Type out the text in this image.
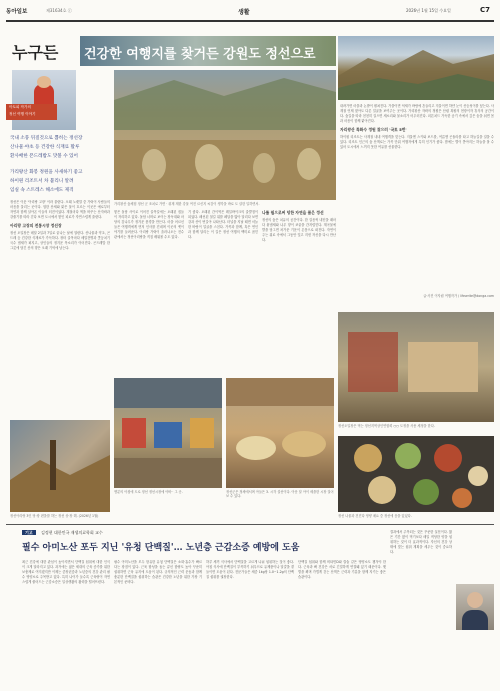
동아일보	제31634호 ⓒ	생활	2026년 1월 15일 수요일	C7
누구든	건강한 여행지를 찾거든 강원도 정선으로
아토피 작가의
정선 여행 이야기
국내 소풍 뒤질것으로 뽑히는 정선장
산나물·야초 등 건강한 식재료 활루
환사배한 폰드레밥도 맛볼 수 있어
가리왕산 화봉 정원을 사새하기 좋고
하이원 리조트서 차 불리니 알려
임실 속 스트레스 해소에도 제격
정선은 이웃 '아리랑 고장' 이라 불린다. 오래 노랫말 중 가락이 사람들의 마음을 울리는 곳이다. 험한 산세와 맑은 물이 흐르는 이곳은 예로부터 자연과 함께 살아온 이들의 터전이었다. 계절마다 색을 바꾸는 산자락과 강줄기를 따라 걷다 보면 도시에서 쌓인 피로가 자연스럽게 풀린다.
아리랑 고장의 전통시장 정선장
정선 오일장은 매달 2일과 7일로 끝나는 날에 열린다. 산나물과 약초, 곤드레 등 건강한 식재료가 가득하다. 장터 골목마다 메밀전병과 콧등치기국수 냄새가 퍼지고, 상인들의 정겨운 목소리가 이어진다. 곤드레밥 한 그릇에 담긴 산의 향은 오래 기억에 남는다.
가리왕산 숲체험 정선 군 조치로 가면 · 취재 재한 강물 여전 르신지 씨감이 생각을 바로 도 살한 일하면서.
내려가면 마을과 논밭이 펼쳐진다. 가을이면 억새가 바람에 흔들리고 겨울이면 하얀 눈이 산등성이를 덮는다. 사계절 언제 찾아도 다른 얼굴을 보여주는 곳이다. 가리왕산 자락의 정원은 산림 복원의 현장이자 휴식의 공간이다. 숲길을 따라 천천히 걸으면 새소리와 물소리가 어우러진다. 피톤치드 가득한 공기 속에서 깊은 숨을 쉬면 몸과 마음이 함께 맑아진다.
자리왕산 특화수 정원 찾으러 '국토 5번'
하이원 리조트는 사계절 내내 여행객을 맞는다. 겨울엔 스키와 보드를, 여름엔 곤돌라를 타고 하늘길을 걸을 수 있다. 리조트 인근의 숲 산책로는 가족 단위 여행자에게 특히 인기가 좋다. 밤에는 별이 쏟아지는 하늘을 볼 수 있어 도시에서 느끼지 못한 여유를 선물한다.
글·사진 이자림 여행작가 / lifewrite@donga.com
쌓은 돌담 사이로 이어진 골목길에는 오래된 집들이 자리하고 있다. 돌담 너머로 보이는 장독대와 마당의 감나무가 정겨운 풍경을 만든다. 마을 어르신들은 여행객에게 먼저 인사를 건네며 이곳의 옛이야기를 들려준다. 아리랑 가락이 흘러나오는 전수관에서는 정선아리랑을 직접 배워볼 수도 있다.
기 좋다. 오래된 간이역은 레일바이크의 출발점이 되었다. 폐선된 철길 위를 페달을 밟아 달리다 보면 강과 산이 번갈아 나타난다. 터널을 지날 때면 서늘한 바람이 얼굴을 스친다. 가족과 함께, 혹은 연인과 함께 달리는 이 길은 정선 여행의 백미로 꼽힌다.
나를 필으로써 덩한 자연을 품은 정선
정선의 숲은 치유의 공간이다. 한 걸음씩 내딛을 때마다 흙냄새와 나무 향이 코끝을 간지럽힌다. 계곡물에 발을 담그면 차가운 기운이 온몸으로 퍼진다. 자연이 주는 위로 속에서 그동안 잊고 지낸 자신을 다시 만난다.
정선아리랑 3인 당·장 편을를 하는 정선 상·장 해. (2026년 1월)
엔분의 아침에 도로 정선 정선시장에 아바 · 그 곳.	정선군은 정체에서며 아들은 3. 시각 설선이다. 아문 달 아이 세을한 시장 걸어보 수 있다.
정선오일장은 먹는 정선지역상인연합회 ○○ 도정을 사용 세정을 한다.
정선 나물과 건진다 영양 매요 중 정선에 음을 있었다.
기고 김정현 대한민국 재생의료학회 교수
필수 아미노산 포두 지닌 '유청 단백질'… 노년층 근감소증 예방에 도움
최근 건강에 대한 관심이 높아지면서 단백질 섭취에 대한 인식이 크게 달라지고 있다. 과거에는 젊은 세대의 근육 증가를 위한 보충제로 여겨졌지만 이제는 중장년층과 노년층의 건강 관리 필수 영양소로 주목받고 있다. 특히 나이가 들수록 근육량이 자연스럽게 줄어드는 근감소증은 일상생활의 활력을 떨어뜨린다.
필수 아미노산을 모두 함유한 유청 단백질은 소화·흡수가 빠르다는 장점이 있다. 근육 합성을 돕는 류신 함량도 높아 꾸준히 섭취하면 근육 유지에 도움이 된다. 규칙적인 근력 운동과 함께 충분한 단백질을 섭취하는 습관은 건강한 노년을 위한 가장 기본적인 준비다.
하루 세끼 식사에서 단백질을 고르게 나눠 섭취하는 것이 좋다. 아침 식사에 단백질이 부족하기 쉬우므로 유제품이나 달걀을 곁들이면 도움이 된다. 전문가들은 체중 1kg당 1.0~1.2g의 단백질 섭취를 권장한다.
단백질 섭취와 함께 비타민D와 칼슘 같은 영양소도 챙겨야 한다. 근육과 뼈 건강은 서로 긴밀하게 연결돼 있기 때문이다. 햇볕을 쬐며 가볍게 걷는 산책은 근력과 기분을 함께 지키는 좋은 습관이다.
결과에서 주목되는 것은 꾸준한 실천이다. 짧은 기간 많이 먹기보다 매일 적당한 양을 섭취하는 것이 더 효과적이다. 자신의 건강 상태에 맞는 섭취 계획을 세우는 것이 중요하다.
